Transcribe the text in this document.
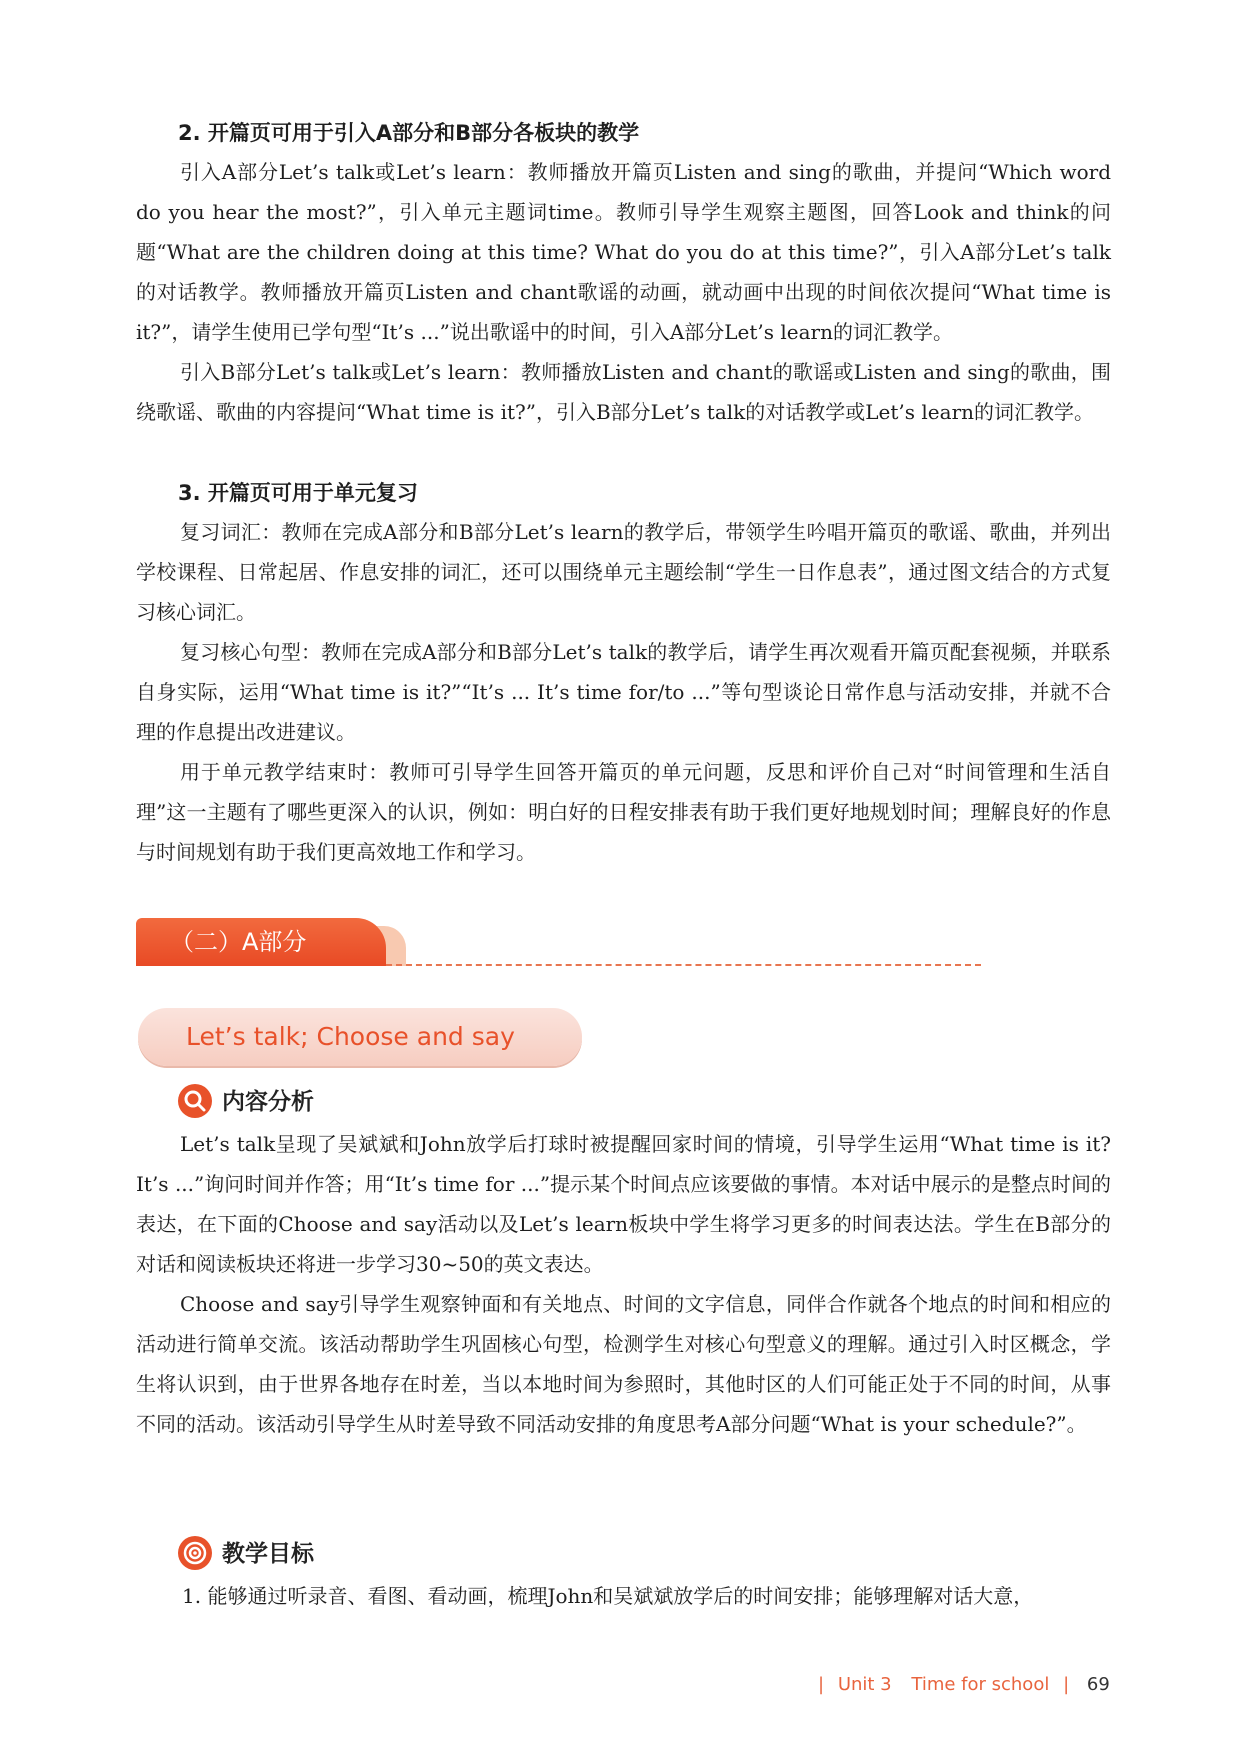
2. 开篇页可用于引入A部分和B部分各板块的教学
引入A部分Let’s talk或Let’s learn：教师播放开篇页Listen and sing的歌曲，并提问“Which word do you hear the most?”，引入单元主题词time。教师引导学生观察主题图，回答Look and think的问题“What are the children doing at this time? What do you do at this time?”，引入A部分Let’s talk的对话教学。教师播放开篇页Listen and chant歌谣的动画，就动画中出现的时间依次提问“What time is it?”，请学生使用已学句型“It’s ...”说出歌谣中的时间，引入A部分Let’s learn的词汇教学。
引入B部分Let’s talk或Let’s learn：教师播放Listen and chant的歌谣或Listen and sing的歌曲，围绕歌谣、歌曲的内容提问“What time is it?”，引入B部分Let’s talk的对话教学或Let’s learn的词汇教学。
3. 开篇页可用于单元复习
复习词汇：教师在完成A部分和B部分Let’s learn的教学后，带领学生吟唱开篇页的歌谣、歌曲，并列出学校课程、日常起居、作息安排的词汇，还可以围绕单元主题绘制“学生一日作息表”，通过图文结合的方式复习核心词汇。
复习核心句型：教师在完成A部分和B部分Let’s talk的教学后，请学生再次观看开篇页配套视频，并联系自身实际，运用“What time is it?”“It’s ... It’s time for/to ...”等句型谈论日常作息与活动安排，并就不合理的作息提出改进建议。
用于单元教学结束时：教师可引导学生回答开篇页的单元问题，反思和评价自己对“时间管理和生活自理”这一主题有了哪些更深入的认识，例如：明白好的日程安排表有助于我们更好地规划时间；理解良好的作息与时间规划有助于我们更高效地工作和学习。
（二）A部分
Let’s talk; Choose and say
内容分析
Let’s talk呈现了吴斌斌和John放学后打球时被提醒回家时间的情境，引导学生运用“What time is it? It’s ...”询问时间并作答；用“It’s time for ...”提示某个时间点应该要做的事情。本对话中展示的是整点时间的表达，在下面的Choose and say活动以及Let’s learn板块中学生将学习更多的时间表达法。学生在B部分的对话和阅读板块还将进一步学习30~50的英文表达。
Choose and say引导学生观察钟面和有关地点、时间的文字信息，同伴合作就各个地点的时间和相应的活动进行简单交流。该活动帮助学生巩固核心句型，检测学生对核心句型意义的理解。通过引入时区概念，学生将认识到，由于世界各地存在时差，当以本地时间为参照时，其他时区的人们可能正处于不同的时间，从事不同的活动。该活动引导学生从时差导致不同活动安排的角度思考A部分问题“What is your schedule?”。
教学目标
1. 能够通过听录音、看图、看动画，梳理John和吴斌斌放学后的时间安排；能够理解对话大意，
| Unit 3 Time for school | 69
